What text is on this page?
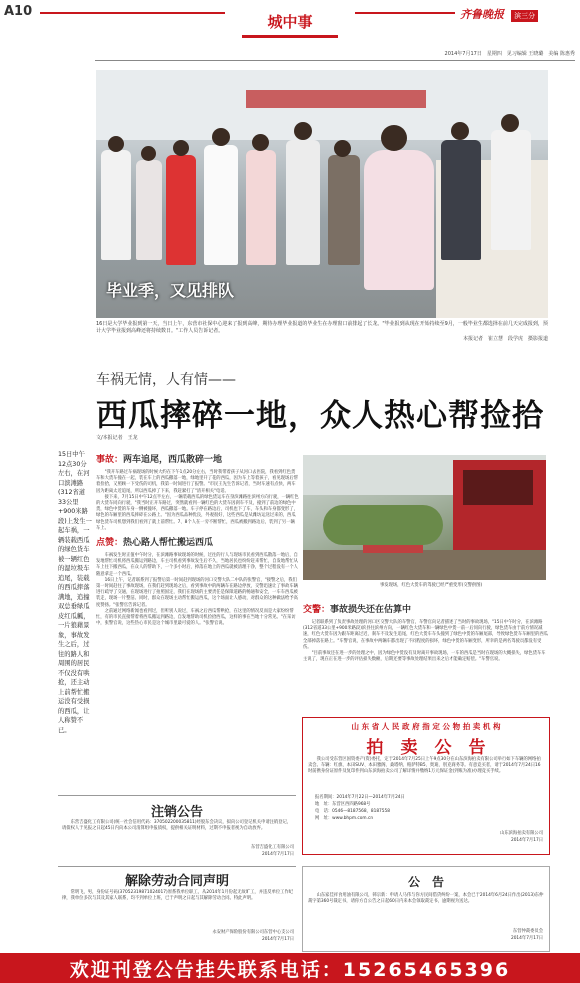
A10
城中事	齐鲁晚报 滨三分
2014年7月17日　星期四　见习编辑 王晓璐　美编 陈惠秀
毕业季，又见排队
16日是大学毕业报到第一天，当日上午，东营市社保中心迎来了报到高峰，期待办理毕业报道的毕业生在办理窗口前排起了长龙。"毕业报到从现在开始持续至9月，一般毕业生都选择在前几天完成报到，预计大学毕业报到高峰还将持续数日。"工作人员告诉记者。
本报记者　崔立慧　段学虎　摄影报道
车祸无情，人有情——
西瓜摔碎一地，众人热心帮捡拾
文/本报记者　王龙
15日中午12点30分左右，在河口滨滩路(312省道33公里+900米路段)上发生一起车祸，一辆装载西瓜的绿色货车被一辆红色的湿垃圾车追尾，装载的西瓜摔落满地，追撞双总垂绿瓜皮红瓜瓤，一片狼藉景象，事故发生之后，过往的路人和周围的居民不仅没有哄抢，还主动上前帮忙搬运没有受损的西瓜，让人称赞不已。
事故：两车追尾，西瓜散碎一地

"我开车路过车祸现场的时候大约在下午1点20分左右，当时我带着孩子从河口去医院，我看到红色货车和大货车撞在一起，装在车上的西瓜撒落一地，绿地里开了花的西瓜，因为车上等着孩子，看见现场后帮着捡拾，又照顾一下受伤的司机，我第一时间进行了报警。"市民王先生告诉记者，当时车速有点快，两车因为距离太近追尾，所以西瓜掉了下来，我赶紧打了"清开相关"电话。

接下来，7月15日中午12点半左右，一辆装载西瓜的绿色货运车在垦滨滩路往滨州方向行驶，一辆红色的大货车同向行驶，"我当时正开车路过，突然就看到一辆红色的大货车因刹车不及，撞到了前边的绿色中货，绿色中货的车身一侧被撞坏，西瓜撒落一地。车子停在路边后，司机也下了车，车头和车身都变形了，绿色的车厢里的西瓜摔碎在公路上。"因为西瓜品种优良，外观很好，这些西瓜是从潍坊运送过来的，西瓜绿色货车司机想到我们看到了就上前帮忙。7、8个人在一旁不断帮忙，西瓜被搬到路边后，装到了另一辆车上。

点赞：热心路人帮忙搬运西瓜

车祸发生时正值中午时分，在滨滩路事故现场的时候，过往的行人与现场市民看到西瓜散落一地后，自发地帮忙司机将西瓜搬运到路边，车主司机看到事故发生后不久，当地居民也纷纷赶来帮忙，自发地帮忙从车上往下搬西瓜，在众人的帮助下，一个多小时后，掉落在地上的西瓜就被清理干净，整个过程没有一个人随意拿走一个西瓜。

16日上午，记者联系到了报警后第一时间赶到现场的河口交警大队二中队的张警官，"接警之后，我们第一时间赶往了事故现场，在我们赶到现场之后，看到事故中的两辆车在路边停放，交警迅速让了事故车辆进行疏导了交通，在现场进行了拍照固定，我们在现场的主要责任是保障道路的畅通和安全，一车车西瓜被装走，现场一片整洁。同时，群众在现场主动帮忙搬运西瓜，这个场面让人感动，对群众的这种做法给予高度赞扬。"张警官告诉记者。

之前通过网络新闻也看到过，但听别人说过，车祸之后西瓜帮哄抢，在这里的情况反而是大家纷纷帮忙，有的市民直接帮着将西瓜搬运到路边，自发地帮助司机捡拾西瓜，这样的事在当地十分常见。"在采访中，张警官说，这些热心市民是这个城市里最可爱的人。"张警官说。

事发现场，红色大货车的驾驶已经严重变形(交警供图)
交警：事故损失还在估算中

记者联系到了负责事故处理的河口区交警大队的车警官，车警官向记者描述了当时的事故现场，"15日中午时分，在滨滩路(312省道33公里+900米路段)滨县往滨州方向，一辆红色大货车和一辆绿色中货一前一后同向行驶，绿色货车由于前方情况减速，红色大货车因为跟车距离过近，刹车不及发生追尾，红色大货车车头撞到了绿色中货的车厢尾部，导致绿色货车车厢里的西瓜全部掉落在路上。"车警官说，在事故中两辆车都出现了不同程度的损坏，绿色中货的车厢变形，所幸的是两名驾驶员都没有受伤。

"目前事故还在进一步的处理之中，因为绿色中货没有及时离开事故现场，一车的西瓜是当时在现场的大概损失，绿色货车车主说了，现在正在进一步的评估损失数额，后期还要等事故处理结果出来之后才能确定赔偿。"车警官说。

注销公告
东营吉盛化工有限公司(统一社会信用代码：370502200035811)经股东会决议，拟向公司登记机关申请注销登记，请债权人于见报之日起45日内向本公司清算组申报债权，提供相关证明材料，过期不申报者视为自动放弃。
东营吉盛化工有限公司
2014年7月17日
解除劳动合同声明
常明飞，男，身份证号码(37052319871024017)原系我单位职工，从2014年1月份起无故旷工，并违反单位工作纪律，我单位多次与其及其家人联系，均不到单位上班，已于声明之日起与其解除劳动合同。特此声明。
永安财产保险股份有限公司东营中心支公司
2014年7月17日
山 东 省 人 民 政 府 指 定 公 物 拍 卖 机 构
拍　卖　公　告
我公司受东营区国资委产(资)委托，定于2014年7月25日上午9点30分在山东滨海拍卖有限公司举行如下车辆的网络拍卖会。车辆：红旗、本田SUV、本田雅阁、桑塔纳、帕萨特B5、奥迪、别克商务等。有意竞买者，请于2014年7月24日16时前携身份证原件及复印件到山东滨海拍卖公司了解详情并缴纳1万元保证金(到账为准)办理竞买手续。
报名期间：2014年7月22日—2014年7月24日
地　址：东营区西四路968号
电　话：0546—8187568，8187558
网　址：www.bhpm.com.cn
山东滨海拍卖有限公司
2014年7月17日
公　告
山东家佳祥食用油有限公司，韩宗新：申请人马伟与你方民间借贷纠纷一案，本会已于2014年6月24日作出(2013)东仲裁字第360号裁定书，请你方自公告之日起60日内来本会领取裁定书，逾期视为送达。
东营仲裁委员会
2014年7月17日
欢迎刊登公告挂失联系电话：15265465396
